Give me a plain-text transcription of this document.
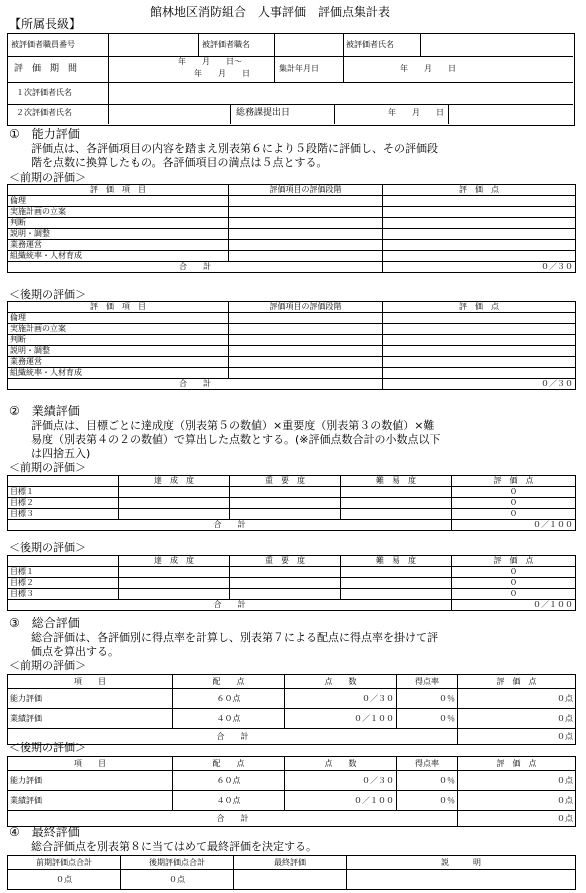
館林地区消防組合　人事評価　評価点集計表
【所属長級】
被評価者職員番号	被評価者職名	被評価者氏名
評　価　期　間
年　　月　　日～
年　　月　　日
集計年月日	年　　月　　日
１次評価者氏名
２次評価者氏名	総務課提出日	年　　月　　日
①　能力評価
　　評価点は、各評価項目の内容を踏まえ別表第６により５段階に評価し、その評価段
　　階を点数に換算したもの。各評価項目の満点は５点とする。
＜前期の評価＞
評　価　項　目	評価項目の評価段階	評　価　点
倫理		
実施計画の立案		
判断		
説明・調整		
業務運営		
組織統率・人材育成		
合　　計		０／３０
＜後期の評価＞
評　価　項　目	評価項目の評価段階	評　価　点
倫理		
実施計画の立案		
判断		
説明・調整		
業務運営		
組織統率・人材育成		
合　　計		０／３０
②　業績評価
　　評価点は、目標ごとに達成度（別表第５の数値）×重要度（別表第３の数値）×難
　　易度（別表第４の２の数値）で算出した点数とする。(※評価点数合計の小数点以下
　　は四捨五入)
＜前期の評価＞
	達　成　度	重　要　度	難　易　度	評　価　点
目標１				０
目標２				０
目標３				０
合　　計				０／１００
＜後期の評価＞
	達　成　度	重　要　度	難　易　度	評　価　点
目標１				０
目標２				０
目標３				０
合　　計				０／１００
③　総合評価
　　総合評価は、各評価別に得点率を計算し、別表第７による配点に得点率を掛けて評
　　価点を算出する。
＜前期の評価＞
項　　目	配　　点	点　　数	得点率	評　価　点
能力評価	６０点	０／３０	０％	０点
業績評価	４０点	０／１００	０％	０点
合　　計				０点
＜後期の評価＞
項　　目	配　　点	点　　数	得点率	評　価　点
能力評価	６０点	０／３０	０％	０点
業績評価	４０点	０／１００	０％	０点
合　　計				０点
④　最終評価
　　総合評価点を別表第８に当てはめて最終評価を決定する。
前期評価点合計	後期評価点合計	最終評価	説　　　明
０点	０点		
